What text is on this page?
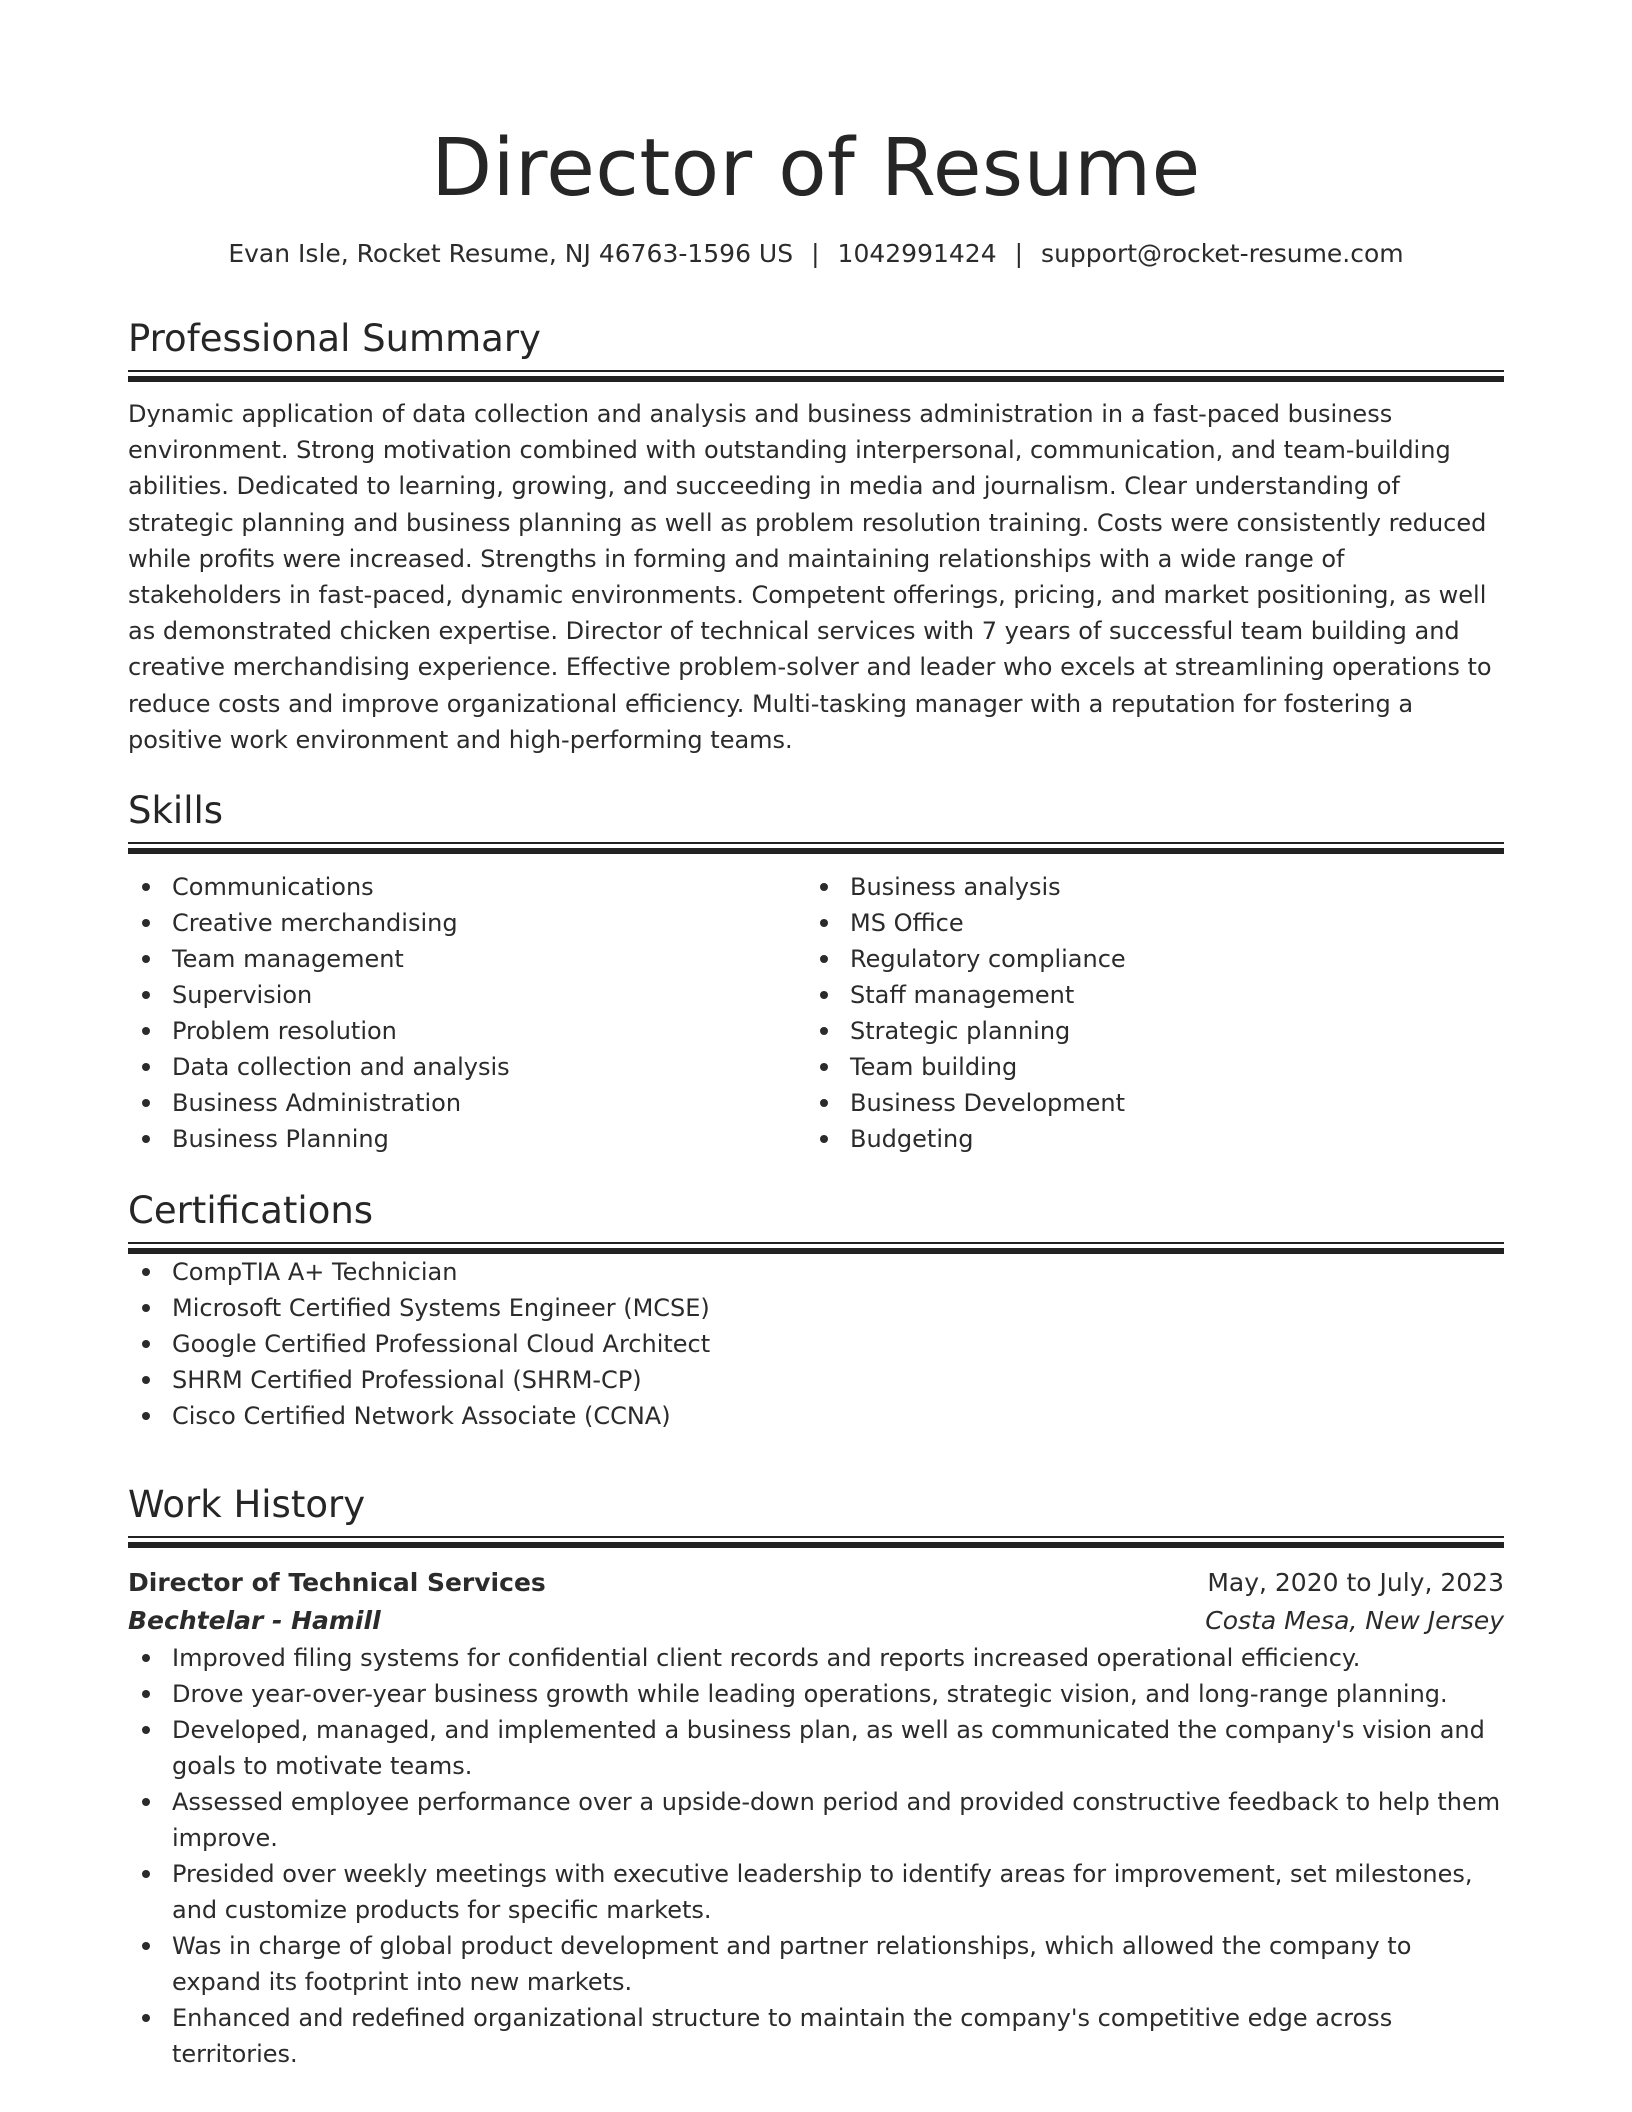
Director of Resume
Evan Isle, Rocket Resume, NJ 46763-1596 US | 1042991424 | support@rocket-resume.com
Professional Summary

Dynamic application of data collection and analysis and business administration in a fast-paced business environment. Strong motivation combined with outstanding interpersonal, communication, and team-building abilities. Dedicated to learning, growing, and succeeding in media and journalism. Clear understanding of strategic planning and business planning as well as problem resolution training. Costs were consistently reduced while profits were increased. Strengths in forming and maintaining relationships with a wide range of stakeholders in fast-paced, dynamic environments. Competent offerings, pricing, and market positioning, as well as demonstrated chicken expertise. Director of technical services with 7 years of successful team building and creative merchandising experience. Effective problem-solver and leader who excels at streamlining operations to reduce costs and improve organizational efficiency. Multi-tasking manager with a reputation for fostering a positive work environment and high-performing teams.

Skills
Communications
Creative merchandising
Team management
Supervision
Problem resolution
Data collection and analysis
Business Administration
Business Planning
Business analysis
MS Office
Regulatory compliance
Staff management
Strategic planning
Team building
Business Development
Budgeting
Certifications
CompTIA A+ Technician
Microsoft Certified Systems Engineer (MCSE)
Google Certified Professional Cloud Architect
SHRM Certified Professional (SHRM-CP)
Cisco Certified Network Associate (CCNA)
Work History
Director of Technical Services	May, 2020 to July, 2023
Bechtelar - Hamill	Costa Mesa, New Jersey
Improved filing systems for confidential client records and reports increased operational efficiency.
Drove year-over-year business growth while leading operations, strategic vision, and long-range planning.
Developed, managed, and implemented a business plan, as well as communicated the company's vision and goals to motivate teams.
Assessed employee performance over a upside-down period and provided constructive feedback to help them improve.
Presided over weekly meetings with executive leadership to identify areas for improvement, set milestones, and customize products for specific markets.
Was in charge of global product development and partner relationships, which allowed the company to expand its footprint into new markets.
Enhanced and redefined organizational structure to maintain the company's competitive edge across territories.
